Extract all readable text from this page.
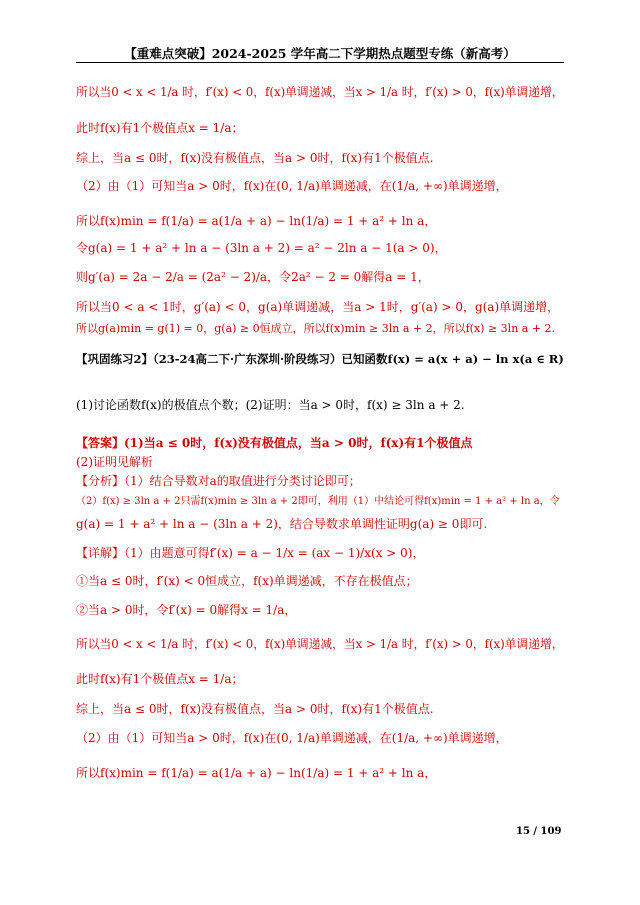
【重难点突破】2024-2025 学年高二下学期热点题型专练（新高考）
所以当0 < x < 1/a 时，f′(x) < 0，f(x)单调递减，当x > 1/a 时，f′(x) > 0，f(x)单调递增，
此时f(x)有1个极值点x = 1/a；
综上，当a ≤ 0时，f(x)没有极值点，当a > 0时，f(x)有1个极值点.
（2）由（1）可知当a > 0时，f(x)在(0, 1/a)单调递减，在(1/a, +∞)单调递增，
所以f(x)min = f(1/a) = a(1/a + a) − ln(1/a) = 1 + a² + ln a，
令g(a) = 1 + a² + ln a − (3ln a + 2) = a² − 2ln a − 1(a > 0)，
则g′(a) = 2a − 2/a = (2a² − 2)/a，令2a² − 2 = 0解得a = 1，
所以当0 < a < 1时，g′(a) < 0，g(a)单调递减，当a > 1时，g′(a) > 0，g(a)单调递增，
所以g(a)min = g(1) = 0，g(a) ≥ 0恒成立，所以f(x)min ≥ 3ln a + 2，所以f(x) ≥ 3ln a + 2.
【巩固练习2】（23-24高二下·广东深圳·阶段练习）已知函数f(x) = a(x + a) − ln x(a ∈ R)
(1)讨论函数f(x)的极值点个数；(2)证明：当a > 0时，f(x) ≥ 3ln a + 2.
【答案】(1)当a ≤ 0时，f(x)没有极值点，当a > 0时，f(x)有1个极值点
(2)证明见解析
【分析】（1）结合导数对a的取值进行分类讨论即可；
（2）f(x) ≥ 3ln a + 2只需f(x)min ≥ 3ln a + 2即可，利用（1）中结论可得f(x)min = 1 + a² + ln a，令
g(a) = 1 + a² + ln a − (3ln a + 2)，结合导数求单调性证明g(a) ≥ 0即可.
【详解】（1）由题意可得f′(x) = a − 1/x = (ax − 1)/x(x > 0)，
①当a ≤ 0时，f′(x) < 0恒成立，f(x)单调递减，不存在极值点；
②当a > 0时，令f′(x) = 0解得x = 1/a，
所以当0 < x < 1/a 时，f′(x) < 0，f(x)单调递减，当x > 1/a 时，f′(x) > 0，f(x)单调递增，
此时f(x)有1个极值点x = 1/a；
综上，当a ≤ 0时，f(x)没有极值点，当a > 0时，f(x)有1个极值点.
（2）由（1）可知当a > 0时，f(x)在(0, 1/a)单调递减，在(1/a, +∞)单调递增，
所以f(x)min = f(1/a) = a(1/a + a) − ln(1/a) = 1 + a² + ln a，
15 / 109
